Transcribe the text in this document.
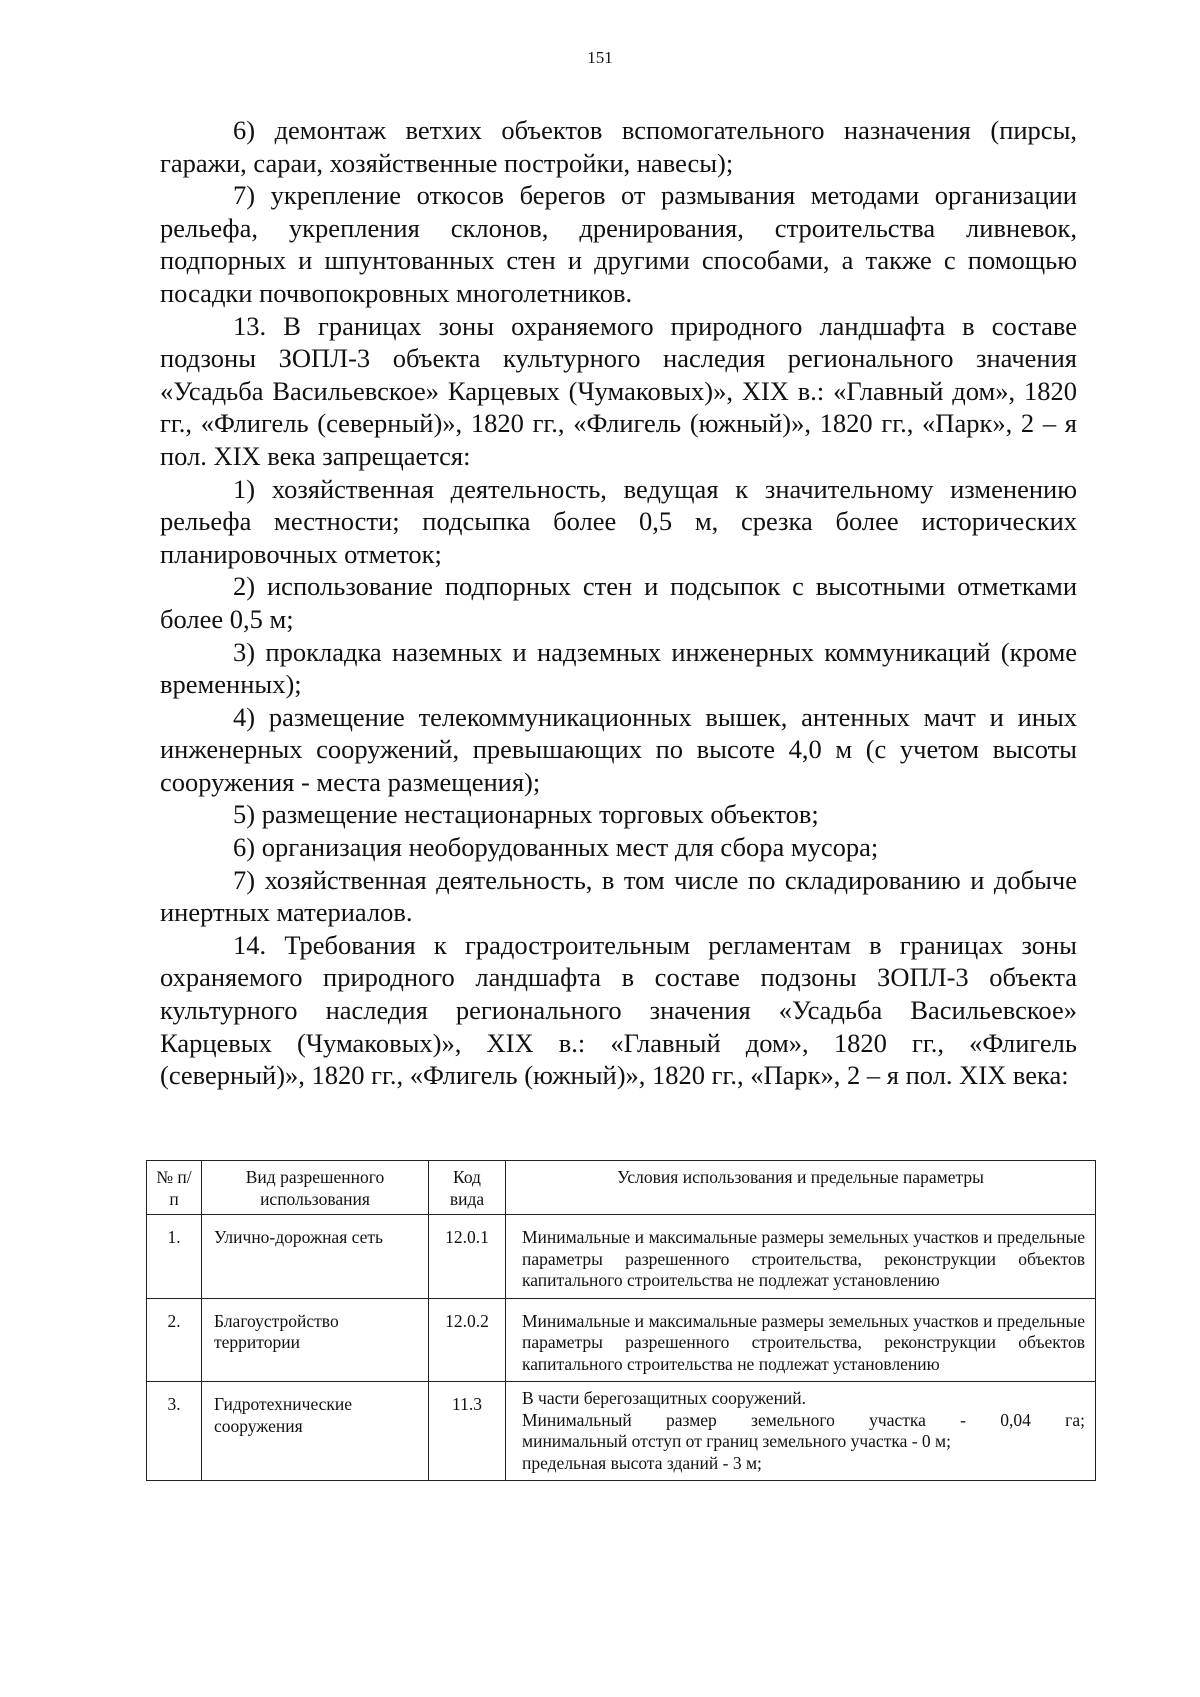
151

6) демонтаж ветхих объектов вспомогательного назначения (пирсы, гаражи, сараи, хозяйственные постройки, навесы);

7) укрепление откосов берегов от размывания методами организации рельефа, укрепления склонов, дренирования, строительства ливневок, подпорных и шпунтованных стен и другими способами, а также с помощью посадки почвопокровных многолетников.

13. В границах зоны охраняемого природного ландшафта в составе подзоны ЗОПЛ-3 объекта культурного наследия регионального значения «Усадьба Васильевское» Карцевых (Чумаковых)», XIX в.: «Главный дом», 1820 гг., «Флигель (северный)», 1820 гг., «Флигель (южный)», 1820 гг., «Парк», 2 – я пол. XIX века запрещается:

1) хозяйственная деятельность, ведущая к значительному изменению рельефа местности; подсыпка более 0,5 м, срезка более исторических планировочных отметок;

2) использование подпорных стен и подсыпок с высотными отметками более 0,5 м;

3) прокладка наземных и надземных инженерных коммуникаций (кроме временных);

4) размещение телекоммуникационных вышек, антенных мачт и иных инженерных сооружений, превышающих по высоте 4,0 м (с учетом высоты сооружения - места размещения);

5) размещение нестационарных торговых объектов;

6) организация необорудованных мест для сбора мусора;

7) хозяйственная деятельность, в том числе по складированию и добыче инертных материалов.

14. Требования к градостроительным регламентам в границах зоны охраняемого природного ландшафта в составе подзоны ЗОПЛ-3 объекта культурного наследия регионального значения «Усадьба Васильевское» Карцевых (Чумаковых)», XIX в.: «Главный дом», 1820 гг., «Флигель (северный)», 1820 гг., «Флигель (южный)», 1820 гг., «Парк», 2 – я пол. XIX века:

№ п/п	Вид разрешенного использования	Код вида	Условия использования и предельные параметры
1.	Улично-дорожная сеть	12.0.1	Минимальные и максимальные размеры земельных участков и предельные параметры разрешенного строительства, реконструкции объектов капитального строительства не подлежат установлению

2.	Благоустройство территории	12.0.2	Минимальные и максимальные размеры земельных участков и предельные параметры разрешенного строительства, реконструкции объектов капитального строительства не подлежат установлению

3.	Гидротехнические сооружения	11.3	В части берегозащитных сооружений.
Минимальный размер земельного участка - 0,04 га;
минимальный отступ от границ земельного участка - 0 м;
предельная высота зданий - 3 м;
